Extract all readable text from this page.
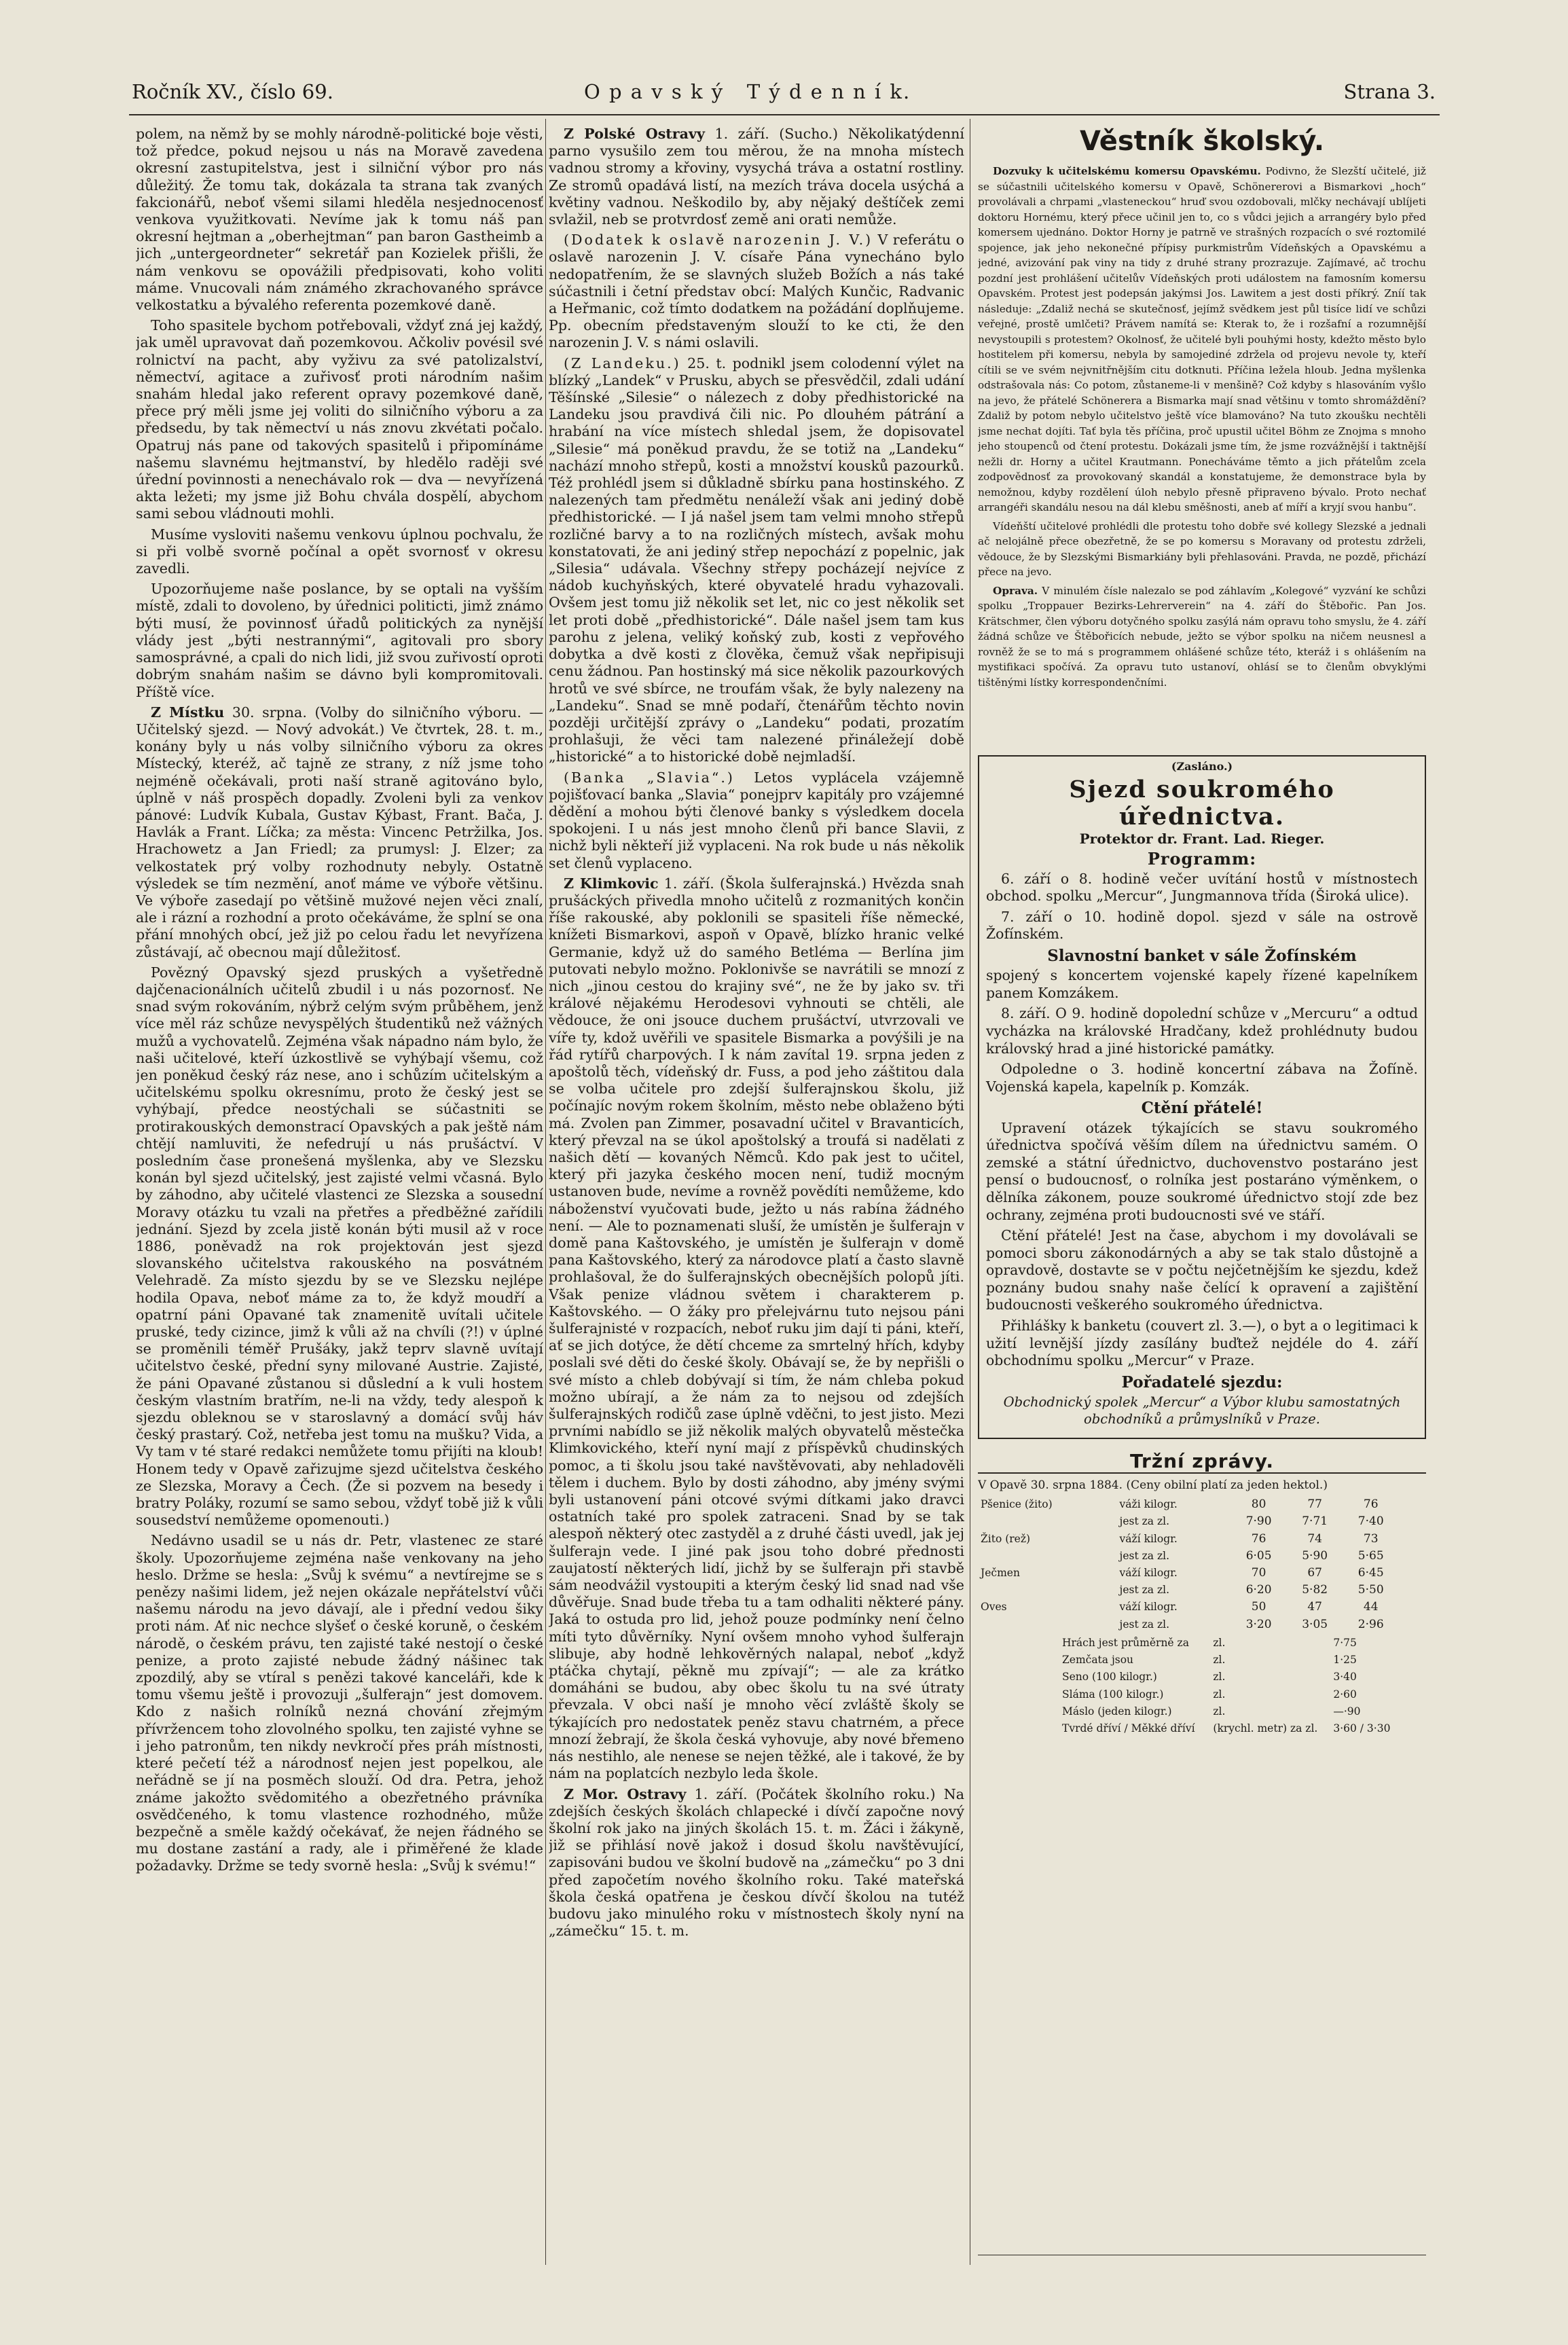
Ročník XV., číslo 69.	O p a v s k ý   T ý d e n n í k.	Strana 3.

polem, na němž by se mohly národně-politické boje věsti, tož předce, pokud nejsou u nás na Moravě zavedena okresní zastupitelstva, jest i silniční výbor pro nás důležitý. Že tomu tak, dokázala ta strana tak zvaných fakcionářů, neboť všemi silami hleděla nesjednocenosť venkova využitkovati. Nevíme jak k tomu náš pan okresní hejtman a „oberhejtman“ pan baron Gastheimb a jich „untergeordneter“ sekretář pan Kozielek přišli, že nám venkovu se opovážili předpisovati, koho voliti máme. Vnucovali nám známého zkrachovaného správce velkostatku a bývalého referenta pozemkové daně.

Toho spasitele bychom potřebovali, vždyť zná jej každý, jak uměl upravovat daň pozemkovou. Ačkoliv povésil své rolnictví na pacht, aby vyživu za své patolizalství, němectví, agitace a zuřivosť proti národním našim snahám hledal jako referent opravy pozemkové daně, přece prý měli jsme jej voliti do silničního výboru a za předsedu, by tak němectví u nás znovu zkvétati počalo. Opatruj nás pane od takových spasitelů i připomínáme našemu slavnému hejtmanství, by hledělo raději své úřední povinnosti a nenechávalo rok — dva — nevyřízená akta ležeti; my jsme již Bohu chvála dospělí, abychom sami sebou vládnouti mohli.

Musíme vysloviti našemu venkovu úplnou pochvalu, že si při volbě svorně počínal a opět svornosť v okresu zavedli.

Upozorňujeme naše poslance, by se optali na vyšším místě, zdali to dovoleno, by úřednici politicti, jimž známo býti musí, že povinnosť úřadů politických za nynější vlády jest „býti nestrannými“, agitovali pro sbory samosprávné, a cpali do nich lidi, již svou zuřivostí oproti dobrým snahám našim se dávno byli kompromitovali. Příště více.

Z Místku 30. srpna. (Volby do silničního výboru. — Učitelský sjezd. — Nový advokát.) Ve čtvrtek, 28. t. m., konány byly u nás volby silničního výboru za okres Místecký, kteréž, ač tajně ze strany, z níž jsme toho nejméně očekávali, proti naší straně agitováno bylo, úplně v náš prospěch dopadly. Zvoleni byli za venkov pánové: Ludvík Kubala, Gustav Kýbast, Frant. Bača, J. Havlák a Frant. Líčka; za města: Vincenc Petržilka, Jos. Hrachowetz a Jan Friedl; za prumysl: J. Elzer; za velkostatek prý volby rozhodnuty nebyly. Ostatně výsledek se tím nezmění, anoť máme ve výboře většinu. Ve výboře zasedají po většině mužové nejen věci znalí, ale i rázní a rozhodní a proto očekáváme, že splní se ona přání mnohých obcí, jež již po celou řadu let nevyřízena zůstávají, ač obecnou mají důležitosť.

Povězný Opavský sjezd pruských a vyšetředně dajčenacionálních učitelů zbudil i u nás pozornosť. Ne snad svým rokováním, nýbrž celým svým průběhem, jenž více měl ráz schůze nevyspělých študentiků než vážných mužů a vychovatelů. Zejména však nápadno nám bylo, že naši učitelové, kteří úzkostlivě se vyhýbají všemu, což jen poněkud český ráz nese, ano i schůzím učitelským a učitelskému spolku okresnímu, proto že český jest se vyhýbají, předce neostýchali se súčastniti se protirakouských demonstrací Opavských a pak ještě nám chtějí namluviti, že nefedrují u nás prušáctví. V posledním čase pronešená myšlenka, aby ve Slezsku konán byl sjezd učitelský, jest zajisté velmi včasná. Bylo by záhodno, aby učitelé vlastenci ze Slezska a sousední Moravy otázku tu vzali na přetřes a předběžné zařídili jednání. Sjezd by zcela jistě konán býti musil až v roce 1886, poněvadž na rok projektován jest sjezd slovanského učitelstva rakouského na posvátném Velehradě. Za místo sjezdu by se ve Slezsku nejlépe hodila Opava, neboť máme za to, že když moudří a opatrní páni Opavané tak znamenitě uvítali učitele pruské, tedy cizince, jimž k vůli až na chvíli (?!) v úplné se proměnili téměř Prušáky, jakž teprv slavně uvítají učitelstvo české, přední syny milované Austrie. Zajisté, že páni Opavané zůstanou si důslední a k vuli hostem českým vlastním bratřím, ne-li na vždy, tedy alespoň k sjezdu obleknou se v staroslavný a domácí svůj háv český prastarý. Což, netřeba jest tomu na mušku? Vida, a Vy tam v té staré redakci nemůžete tomu přijíti na kloub! Honem tedy v Opavě zařizujme sjezd učitelstva českého ze Slezska, Moravy a Čech. (Že si pozvem na besedy i bratry Poláky, rozumí se samo sebou, vždyť tobě již k vůli sousedství nemůžeme opomenouti.)

Nedávno usadil se u nás dr. Petr, vlastenec ze staré školy. Upozorňujeme zejména naše venkovany na jeho heslo. Držme se hesla: „Svůj k svému“ a nevtírejme se s penězy našimi lidem, jež nejen okázale nepřátelství vůči našemu národu na jevo dávají, ale i přední vedou šiky proti nám. Ať nic nechce slyšeť o české koruně, o českém národě, o českém právu, ten zajisté také nestojí o české penize, a proto zajisté nebude žádný nášinec tak zpozdilý, aby se vtíral s penězi takové kanceláři, kde k tomu všemu ještě i provozuji „šulferajn“ jest domovem. Kdo z našich rolníků nezná chování zřejmým přívržencem toho zlovolného spolku, ten zajisté vyhne se i jeho patronům, ten nikdy nevkročí přes práh místnosti, které pečetí též a národnosť nejen jest popelkou, ale neřádně se jí na posměch slouží. Od dra. Petra, jehož známe jakožto svědomitého a obezřetného právníka osvědčeného, k tomu vlastence rozhodného, může bezpečně a směle každý očekávať, že nejen řádného se mu dostane zastání a rady, ale i přiměřené že klade požadavky. Držme se tedy svorně hesla: „Svůj k svému!“

Z Polské Ostravy 1. září. (Sucho.) Několikatýdenní parno vysušilo zem tou měrou, že na mnoha místech vadnou stromy a křoviny, vysychá tráva a ostatní rostliny. Ze stromů opadává listí, na mezích tráva docela usýchá a květiny vadnou. Neškodilo by, aby nějaký deštíček zemi svlažil, neb se protvrdosť země ani orati nemůže.

(Dodatek k oslavě narozenin J. V.) V referátu o oslavě narozenin J. V. císaře Pána vynecháno bylo nedopatřením, že se slavných služeb Božích a nás také súčastnili i četní představ obcí: Malých Kunčic, Radvanic a Heřmanic, což tímto dodatkem na požádání doplňujeme. Pp. obecním představeným slouží to ke cti, že den narozenin J. V. s námi oslavili.

(Z Landeku.) 25. t. podnikl jsem colodenní výlet na blízký „Landek“ v Prusku, abych se přesvědčil, zdali udání Těšínské „Silesie“ o nálezech z doby předhistorické na Landeku jsou pravdivá čili nic. Po dlouhém pátrání a hrabání na více místech shledal jsem, že dopisovatel „Silesie“ má poněkud pravdu, že se totiž na „Landeku“ nachází mnoho střepů, kosti a množství kousků pazourků. Též prohlédl jsem si důkladně sbírku pana hostinského. Z nalezených tam předmětu nenáleží však ani jediný době předhistorické. — I já našel jsem tam velmi mnoho střepů rozličné barvy a to na rozličných místech, avšak mohu konstatovati, že ani jediný střep nepochází z popelnic, jak „Silesia“ udávala. Všechny střepy pocházejí nejvíce z nádob kuchyňských, které obyvatelé hradu vyhazovali. Ovšem jest tomu již několik set let, nic co jest několik set let proti době „předhistorické“. Dále našel jsem tam kus parohu z jelena, veliký koňský zub, kosti z vepřového dobytka a dvě kosti z člověka, čemuž však nepřipisuji cenu žádnou. Pan hostinský má sice několik pazourkových hrotů ve své sbírce, ne troufám však, že byly nalezeny na „Landeku“. Snad se mně podaří, čtenářům těchto novin později určitější zprávy o „Landeku“ podati, prozatím prohlašuji, že věci tam nalezené přináležejí době „historické“ a to historické době nejmladší.

(Banka „Slavia“.) Letos vyplácela vzájemně pojišťovací banka „Slavia“ ponejprv kapitály pro vzájemné dědění a mohou býti členové banky s výsledkem docela spokojeni. I u nás jest mnoho členů při bance Slavii, z nichž byli někteří již vyplaceni. Na rok bude u nás několik set členů vyplaceno.

Z Klimkovic 1. září. (Škola šulferajnská.) Hvězda snah prušáckých přivedla mnoho učitelů z rozmanitých končin říše rakouské, aby poklonili se spasiteli říše německé, knížeti Bismarkovi, aspoň v Opavě, blízko hranic velké Germanie, když už do samého Betléma — Berlína jim putovati nebylo možno. Poklonivše se navrátili se mnozí z nich „jinou cestou do krajiny své“, ne že by jako sv. tři králové nějakému Herodesovi vyhnouti se chtěli, ale vědouce, že oni jsouce duchem prušáctví, utvrzovali ve víře ty, kdož uvěřili ve spasitele Bismarka a povýšili je na řád rytířů charpových. I k nám zavítal 19. srpna jeden z apoštolů těch, vídeňský dr. Fuss, a pod jeho záštitou dala se volba učitele pro zdejší šulferajnskou školu, již počínajíc novým rokem školním, město nebe oblaženo býti má. Zvolen pan Zimmer, posavadní učitel v Bravanticích, který převzal na se úkol apoštolský a troufá si nadělati z našich dětí — kovaných Němců. Kdo pak jest to učitel, který při jazyka českého mocen není, tudiž mocným ustanoven bude, nevíme a rovněž povědíti nemůžeme, kdo náboženství vyučovati bude, ježto u nás rabína žádného není. — Ale to poznamenati sluší, že umístěn je šulferajn v domě pana Kaštovského, je umístěn je šulferajn v domě pana Kaštovského, který za národovce platí a často slavně prohlašoval, že do šulferajnských obecnějších polopů jíti. Však penize vládnou světem i charakterem p. Kaštovského. — O žáky pro přelejvárnu tuto nejsou páni šulferajnisté v rozpacích, neboť ruku jim dají ti páni, kteří, ať se jich dotýce, že dětí chceme za smrtelný hřích, kdyby poslali své děti do české školy. Obávají se, že by nepřišli o své místo a chleb dobývají si tím, že nám chleba pokud možno ubírají, a že nám za to nejsou od zdejších šulferajnských rodičů zase úplně vděčni, to jest jisto. Mezi prvními nabídlo se již několik malých obyvatelů městečka Klimkovického, kteří nyní mají z příspěvků chudinských pomoc, a ti školu jsou také navštěvovati, aby nehladověli tělem i duchem. Bylo by dosti záhodno, aby jmény svými byli ustanovení páni otcové svými dítkami jako dravci ostatních také pro spolek zatraceni. Snad by se tak alespoň některý otec zastyděl a z druhé části uvedl, jak jej šulferajn vede. I jiné pak jsou toho dobré přednosti zaujatostí některých lidí, jichž by se šulferajn při stavbě sám neodvážil vystoupiti a kterým český lid snad nad vše důvěřuje. Snad bude třeba tu a tam odhaliti některé pány. Jaká to ostuda pro lid, jehož pouze podmínky není čelno míti tyto důvěrníky. Nyní ovšem mnoho vyhod šulferajn slibuje, aby hodně lehkověrných nalapal, neboť „když ptáčka chytají, pěkně mu zpívají“; — ale za krátko domáháni se budou, aby obec školu tu na své útraty převzala. V obci naší je mnoho věcí zvláště školy se týkajících pro nedostatek peněz stavu chatrném, a přece mnozí žebrají, že škola česká vyhovuje, aby nové břemeno nás nestihlo, ale nenese se nejen těžké, ale i takové, že by nám na poplatcích nezbylo leda škole.

Z Mor. Ostravy 1. září. (Počátek školního roku.) Na zdejších českých školách chlapecké i dívčí započne nový školní rok jako na jiných školách 15. t. m. Žáci i žákyně, již se přihlásí nově jakož i dosud školu navštěvující, zapisováni budou ve školní budově na „zámečku“ po 3 dni před započetím nového školního roku. Také mateřská škola česká opatřena je českou dívčí školou na tutéž budovu jako minulého roku v místnostech školy nyní na „zámečku“ 15. t. m.

Věstník školský.

Dozvuky k učitelskému komersu Opavskému. Podivno, že Slezští učitelé, již se súčastnili učitelského komersu v Opavě, Schönererovi a Bismarkovi „hoch“ provolávali a chrpami „vlasteneckou“ hruď svou ozdobovali, mlčky nechávají ublíjeti doktoru Hornému, který přece učinil jen to, co s vůdci jejich a arrangéry bylo před komersem ujednáno. Doktor Horny je patrně ve strašných rozpacích o své roztomilé spojence, jak jeho nekonečné přípisy purkmistrům Vídeňských a Opavskému a jedné, avizování pak viny na tidy z druhé strany prozrazuje. Zajímavé, ač trochu pozdní jest prohlášení učitelův Vídeňských proti událostem na famosním komersu Opavském. Protest jest podepsán jakýmsi Jos. Lawitem a jest dosti příkrý. Zníí tak následuje: „Zdaliž nechá se skutečnosť, jejímž svědkem jest půl tisíce lidí ve schůzi veřejné, prostě umlčeti? Právem namítá se: Kterak to, že i rozšafní a rozumnější nevystoupili s protestem? Okolnosť, že učitelé byli pouhými hosty, kdežto město bylo hostitelem při komersu, nebyla by samojediné zdržela od projevu nevole ty, kteří cítili se ve svém nejvnitřnějším citu dotknuti. Příčina ležela hloub. Jedna myšlenka odstrašovala nás: Co potom, zůstaneme-li v menšině? Což kdyby s hlasováním vyšlo na jevo, že přátelé Schönerera a Bismarka mají snad většinu v tomto shromáždění? Zdaliž by potom nebylo učitelstvo ještě více blamováno? Na tuto zkoušku nechtěli jsme nechat dojíti. Tať byla těs příčina, proč upustil učitel Böhm ze Znojma s mnoho jeho stoupenců od čtení protestu. Dokázali jsme tím, že jsme rozvážnější i taktnější nežli dr. Horny a učitel Krautmann. Ponecháváme těmto a jich přátelům zcela zodpovědnosť za provokovaný skandál a konstatujeme, že demonstrace byla by nemožnou, kdyby rozdělení úloh nebylo přesně připraveno bývalo. Proto nechať arrangéři skandálu nesou na dál klebu směšnosti, aneb ať míří a kryjí svou hanbu“.

Vídeňští učitelové prohlédli dle protestu toho dobře své kollegy Slezské a jednali ač nelojálně přece obezřetně, že se po komersu s Moravany od protestu zdrželi, vědouce, že by Slezskými Bismarkiány byli přehlasováni. Pravda, ne pozdě, přichází přece na jevo.

Oprava. V minulém čísle nalezalo se pod záhlavím „Kolegové“ vyzvání ke schůzi spolku „Troppauer Bezirks-Lehrerverein“ na 4. září do Štěbořic. Pan Jos. Krätschmer, člen výboru dotyčného spolku zasýlá nám opravu toho smyslu, že 4. září žádná schůze ve Štěbořicích nebude, ježto se výbor spolku na ničem neusnesl a rovněž že se to má s programmem ohlášené schůze této, kteráž i s ohlášením na mystifikaci spočívá. Za opravu tuto ustanoví, ohlásí se to členům obvyklými tištěnými lístky korrespondenčními.

(Zasláno.)
Sjezd soukromého úřednictva.
Protektor dr. Frant. Lad. Rieger.
Programm:

6. září o 8. hodině večer uvítání hostů v místnostech obchod. spolku „Mercur“, Jungmannova třída (Široká ulice).

7. září o 10. hodině dopol. sjezd v sále na ostrově Žofínském.

Slavnostní banket v sále Žofínském

spojený s koncertem vojenské kapely řízené kapelníkem panem Komzákem.

8. září. O 9. hodině dopolední schůze v „Mercuru“ a odtud vycházka na královské Hradčany, kdež prohlédnuty budou královský hrad a jiné historické památky.

Odpoledne o 3. hodině koncertní zábava na Žofíně. Vojenská kapela, kapelník p. Komzák.

Ctění přátelé!

Upravení otázek týkajících se stavu soukromého úřednictva spočívá věším dílem na úřednictvu samém. O zemské a státní úřednictvo, duchovenstvo postaráno jest pensí o budoucnosť, o rolníka jest postaráno výměnkem, o dělníka zákonem, pouze soukromé úřednictvo stojí zde bez ochrany, zejména proti budoucnosti své ve stáří.

Ctění přátelé! Jest na čase, abychom i my dovolávali se pomoci sboru zákonodárných a aby se tak stalo důstojně a opravdově, dostavte se v počtu nejčetnějším ke sjezdu, kdež poznány budou snahy naše čelící k opravení a zajištění budoucnosti veškerého soukromého úřednictva.

Přihlášky k banketu (couvert zl. 3.—), o byt a o legitimaci k užití levnější jízdy zasílány buďtež nejdéle do 4. září obchodnímu spolku „Mercur“ v Praze.

Pořadatelé sjezdu:

Obchodnický spolek „Mercur“ a Výbor klubu samostatných obchodníků a průmyslníků v Praze.

Tržní zprávy.

V Opavě 30. srpna 1884. (Ceny obilní platí za jeden hektol.)

Pšenice (žito)	váži kilogr.	80	77	76
	jest za zl.	7·90	7·71	7·40
Žito (rež)	váží kilogr.	76	74	73
	jest za zl.	6·05	5·90	5·65
Ječmen	váží kilogr.	70	67	6·45
	jest za zl.	6·20	5·82	5·50
Oves	váží kilogr.	50	47	44
	jest za zl.	3·20	3·05	2·96
Hrách jest průměrně za	zl.	7·75
Zemčata jsou	zl.	1·25
Seno (100 kilogr.)	zl.	3·40
Sláma (100 kilogr.)	zl.	2·60
Máslo (jeden kilogr.)	zl.	—·90
Tvrdé dříví / Měkké dříví	(krychl. metr) za zl.	3·60 / 3·30
